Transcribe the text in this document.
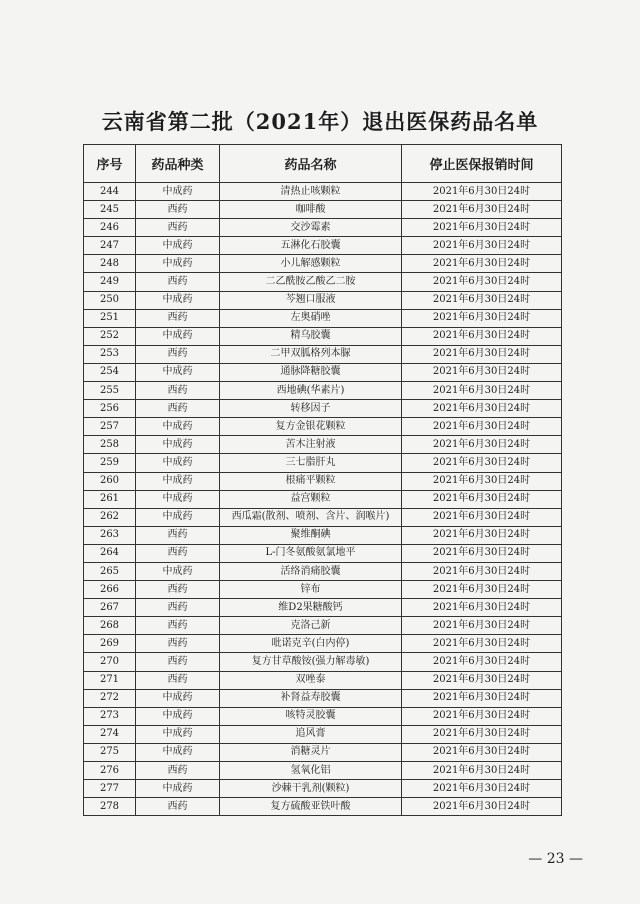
云南省第二批（2021年）退出医保药品名单
序号	药品种类	药品名称	停止医保报销时间
244	中成药	清热止咳颗粒	2021年6月30日24时
245	西药	咖啡酸	2021年6月30日24时
246	西药	交沙霉素	2021年6月30日24时
247	中成药	五淋化石胶囊	2021年6月30日24时
248	中成药	小儿解感颗粒	2021年6月30日24时
249	西药	二乙酰胺乙酸乙二胺	2021年6月30日24时
250	中成药	芩翘口服液	2021年6月30日24时
251	西药	左奥硝唑	2021年6月30日24时
252	中成药	精乌胶囊	2021年6月30日24时
253	西药	二甲双胍格列本脲	2021年6月30日24时
254	中成药	通脉降糖胶囊	2021年6月30日24时
255	西药	西地碘(华素片)	2021年6月30日24时
256	西药	转移因子	2021年6月30日24时
257	中成药	复方金银花颗粒	2021年6月30日24时
258	中成药	苦木注射液	2021年6月30日24时
259	中成药	三七脂肝丸	2021年6月30日24时
260	中成药	根痛平颗粒	2021年6月30日24时
261	中成药	益宫颗粒	2021年6月30日24时
262	中成药	西瓜霜(散剂、喷剂、含片、润喉片)	2021年6月30日24时
263	西药	聚维酮碘	2021年6月30日24时
264	西药	L-门冬氨酸氨氯地平	2021年6月30日24时
265	中成药	活络消痛胶囊	2021年6月30日24时
266	西药	锌布	2021年6月30日24时
267	西药	维D2果糖酸钙	2021年6月30日24时
268	西药	克洛己新	2021年6月30日24时
269	西药	吡诺克辛(白内停)	2021年6月30日24时
270	西药	复方甘草酸铵(强力解毒敏)	2021年6月30日24时
271	西药	双唑泰	2021年6月30日24时
272	中成药	补肾益寿胶囊	2021年6月30日24时
273	中成药	咳特灵胶囊	2021年6月30日24时
274	中成药	追风膏	2021年6月30日24时
275	中成药	消糖灵片	2021年6月30日24时
276	西药	氢氧化铝	2021年6月30日24时
277	中成药	沙棘干乳剂(颗粒)	2021年6月30日24时
278	西药	复方硫酸亚铁叶酸	2021年6月30日24时
— 23 —
